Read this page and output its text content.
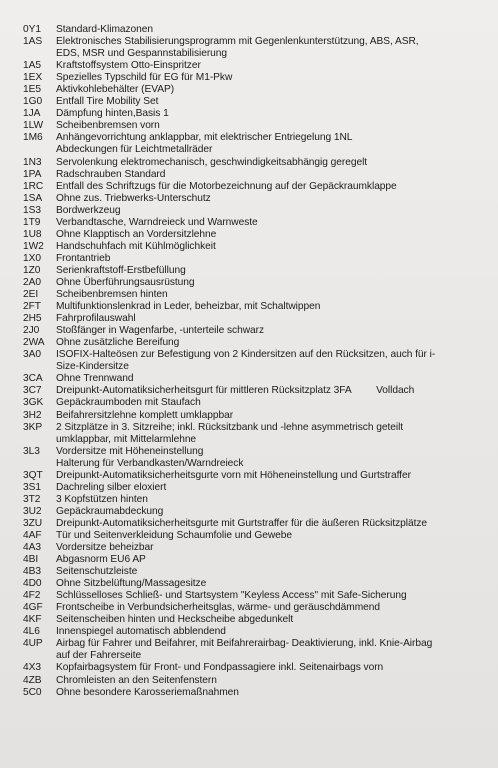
0Y1	Standard-Klimazonen
1AS	Elektronisches Stabilisierungsprogramm mit Gegenlenkunterstützung, ABS, ASR,
EDS, MSR und Gespannstabilisierung
1A5	Kraftstoffsystem Otto-Einspritzer
1EX	Spezielles Typschild für EG für M1-Pkw
1E5	Aktivkohlebehälter (EVAP)
1G0	Entfall Tire Mobility Set
1JA	Dämpfung hinten,Basis 1
1LW	Scheibenbremsen vorn
1M6	Anhängevorrichtung anklappbar, mit elektrischer Entriegelung 1NL
Abdeckungen für Leichtmetallräder
1N3	Servolenkung elektromechanisch, geschwindigkeitsabhängig geregelt
1PA	Radschrauben Standard
1RC	Entfall des Schriftzugs für die Motorbezeichnung auf der Gepäckraumklappe
1SA	Ohne zus. Triebwerks-Unterschutz
1S3	Bordwerkzeug
1T9	Verbandtasche, Warndreieck und Warnweste
1U8	Ohne Klapptisch an Vordersitzlehne
1W2	Handschuhfach mit Kühlmöglichkeit
1X0	Frontantrieb
1Z0	Serienkraftstoff-Erstbefüllung
2A0	Ohne Überführungsausrüstung
2EI	Scheibenbremsen hinten
2FT	Multifunktionslenkrad in Leder, beheizbar, mit Schaltwippen
2H5	Fahrprofilauswahl
2J0	Stoßfänger in Wagenfarbe, -unterteile schwarz
2WA	Ohne zusätzliche Bereifung
3A0	ISOFIX-Halteösen zur Befestigung von 2 Kindersitzen auf den Rücksitzen, auch für i-
Size-Kindersitze
3CA	Ohne Trennwand
3C7	Dreipunkt-Automatiksicherheitsgurt für mittleren Rücksitzplatz 3FA         Volldach
3GK	Gepäckraumboden mit Staufach
3H2	Beifahrersitzlehne komplett umklappbar
3KP	2 Sitzplätze in 3. Sitzreihe; inkl. Rücksitzbank und -lehne asymmetrisch geteilt
umklappbar, mit Mittelarmlehne
3L3	Vordersitze mit Höheneinstellung
Halterung für Verbandkasten/Warndreieck
3QT	Dreipunkt-Automatiksicherheitsgurte vorn mit Höheneinstellung und Gurtstraffer
3S1	Dachreling silber eloxiert
3T2	3 Kopfstützen hinten
3U2	Gepäckraumabdeckung
3ZU	Dreipunkt-Automatiksicherheitsgurte mit Gurtstraffer für die äußeren Rücksitzplätze
4AF	Tür und Seitenverkleidung Schaumfolie und Gewebe
4A3	Vordersitze beheizbar
4BI	Abgasnorm EU6 AP
4B3	Seitenschutzleiste
4D0	Ohne Sitzbelüftung/Massagesitze
4F2	Schlüsselloses Schließ- und Startsystem "Keyless Access" mit Safe-Sicherung
4GF	Frontscheibe in Verbundsicherheitsglas, wärme- und geräuschdämmend
4KF	Seitenscheiben hinten und Heckscheibe abgedunkelt
4L6	Innenspiegel automatisch abblendend
4UP	Airbag für Fahrer und Beifahrer, mit Beifahrerairbag- Deaktivierung, inkl. Knie-Airbag
auf der Fahrerseite
4X3	Kopfairbagsystem für Front- und Fondpassagiere inkl. Seitenairbags vorn
4ZB	Chromleisten an den Seitenfenstern
5C0	Ohne besondere Karosseriemaßnahmen
